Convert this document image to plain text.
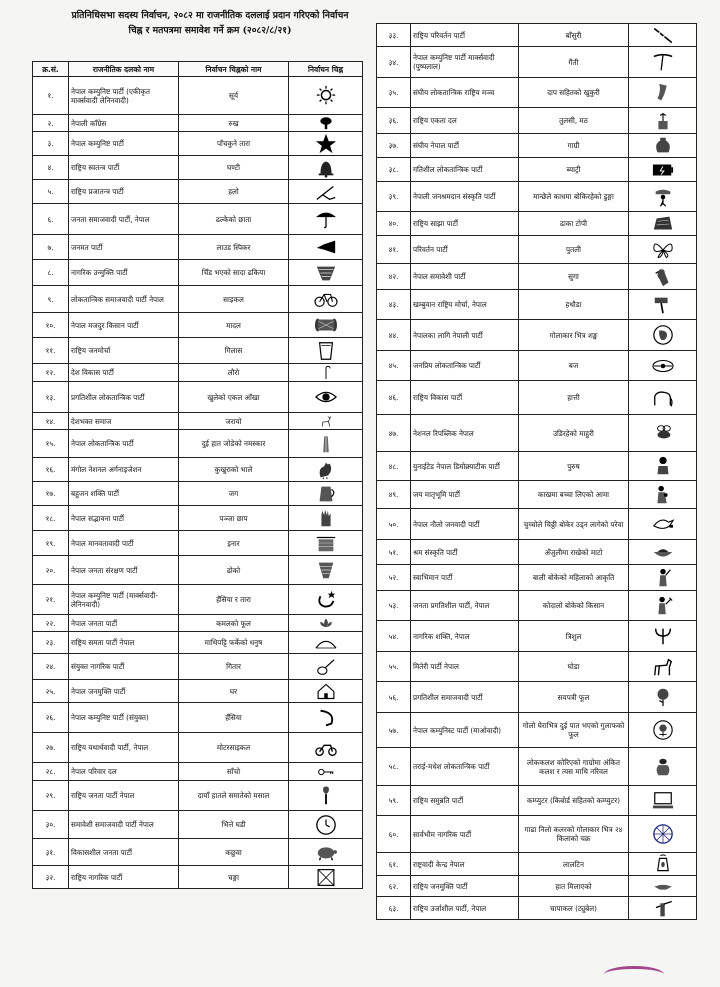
प्रतिनिधिसभा सदस्य निर्वाचन, २०८२ मा राजनीतिक दललाई प्रदान गरिएको निर्वाचन
चिह्न र मतपत्रमा समावेश गर्ने क्रम (२०८२/८/२१)
क्र.सं.	राजनीतिक दलको नाम	निर्वाचन चिह्नको नाम	निर्वाचन चिह्न
१.	नेपाल कम्युनिष्ट पार्टी (एकीकृत मार्क्सवादी लेनिनवादी)	सूर्य	

२.	नेपाली काँग्रेस	रुख	

३.	नेपाल कम्युनिष्ट पार्टी	पाँचकुने तारा	

४.	राष्ट्रिय स्वतन्त्र पार्टी	घण्टी	

५.	राष्ट्रिय प्रजातन्त्र पार्टी	हलो	

६.	जनता समाजवादी पार्टी, नेपाल	ढल्केको छाता	

७.	जनमत पार्टी	लाउड स्पिकर	

८.	नागरिक उन्मुक्ति पार्टी	चिँड भएको सादा ढकिया	

९.	लोकतान्त्रिक समाजवादी पार्टी नेपाल	साइकल	

१०.	नेपाल मजदुर किसान पार्टी	मादल	

११.	राष्ट्रिय जनमोर्चा	गिलास	

१२.	देश विकास पार्टी	लौरो	

१३.	प्रगतिशील लोकतान्त्रिक पार्टी	खुलेको एकल आँखा	

१४.	देशभक्त समाज	जरायो	

१५.	नेपाल लोकतान्त्रिक पार्टी	दुई हात जोडेको नमस्कार	

१६.	मंगोल नेशनल अर्गनाइजेशन	कुखुराको भाले	

१७.	बहुजन शक्ति पार्टी	जग	

१८.	नेपाल सद्भावना पार्टी	पञ्जा छाप	

१९.	नेपाल मानवतावादी पार्टी	इनार	

२०.	नेपाल जनता संरक्षण पार्टी	ढोको	

२१.	नेपाल कम्युनिष्ट पार्टी (मार्क्सवादी-लेनिनवादी)	हँसिया र तारा	

२२.	नेपाल जनता पार्टी	कमलको फूल	

२३.	राष्ट्रिय समता पार्टी नेपाल	माथिपट्टि फर्केको धनुष	

२४.	संयुक्त नागरिक पार्टी	गितार	

२५.	नेपाल जनमुक्ति पार्टी	घर	

२६.	नेपाल कम्युनिष्ट पार्टी (संयुक्त)	हँसिया	

२७.	राष्ट्रिय यथार्थवादी पार्टी, नेपाल	मोटरसाइकल	

२८.	नेपाल परिवार दल	साँचो	

२९.	राष्ट्रिय जनता पार्टी नेपाल	दायाँ हातले समातेको मसाल	

३०.	समावेशी समाजवादी पार्टी नेपाल	भित्ते घडी	

३१.	विकासशील जनता पार्टी	कछुवा	

३२.	राष्ट्रिय नागरिक पार्टी	चङ्गा	
३३.	राष्ट्रिय परिवर्तन पार्टी	बाँसुरी	

३४.	नेपाल कम्युनिष्ट पार्टी मार्क्सवादी (पुष्पलाल)	गैंती	

३५.	संघीय लोकतान्त्रिक राष्ट्रिय मञ्च	दाप सहितको खुकुरी	

३६.	राष्ट्रिय एकता दल	तुलसी, मठ	

३७.	संघीय नेपाल पार्टी	गाग्री	

३८.	गतिशील लोकतान्त्रिक पार्टी	ब्याट्री	

३९.	नेपाली जनश्रमदान संस्कृति पार्टी	मान्छेले काधमा बोकिरहेको डुङ्गा	

४०.	राष्ट्रिय साझा पार्टी	ढाका टोपी	

४१.	परिवर्तन पार्टी	पुतली	

४२.	नेपाल समावेशी पार्टी	सुगा	

४३.	खम्बुवान राष्ट्रिय मोर्चा, नेपाल	हथौडा	

४४.	नेपालका लागि नेपाली पार्टी	गोलाकार भित्र शङ्ख	

४५.	जनप्रिय लोकतान्त्रिक पार्टी	बज	

४६.	राष्ट्रिय विकास पार्टी	हात्ती	

४७.	नेशनल रिपब्लिक नेपाल	उडिरहेको माहुरी	

४८.	युनाईटेड नेपाल डिमोक्र्याटीक पार्टी	पुरुष	

४९.	जय मातृभूमि पार्टी	काखमा बच्चा लिएको आमा	

५०.	नेपाल नौलो जनवादी पार्टी	चुच्चोले चिठ्ठी बोकेर उड्न लागेको परेवा	

५१.	श्रम संस्कृति पार्टी	अँजुलीमा राखेको माटो	

५२.	स्वाभिमान पार्टी	बाली बोकेको महिलाको आकृति	

५३.	जनता प्रगतिशील पार्टी, नेपाल	कोदालो बोकेको किसान	

५४.	नागरिक शक्ति, नेपाल	त्रिशुल	

५५.	मितेरी पार्टी नेपाल	घोडा	

५६.	प्रगतिशील समाजवादी पार्टी	सयपत्री फूल	

५७.	नेपाल कम्युनिस्ट पार्टी (माओवादी)	गोलो घेराभित्र दुई पात भएको गुलाफको फूल	

५८.	तराई-मधेश लोकतान्त्रिक पार्टी	लोककलश कोरिएको गाग्रोमा अंकित कलश र त्यस माथि नरिवल	

५९.	राष्ट्रिय समुन्नति पार्टी	कम्प्युटर (किबोर्ड सहितको कम्प्युटर)	

६०.	सार्वभौम नागरिक पार्टी	गाढा निलो कलरको गोलाकार भित्र २४ किलाको चक्र	

६१.	राष्ट्रवादी केन्द्र नेपाल	लालटिन	

६२.	राष्ट्रिय जनमुक्ति पार्टी	हात मिलाएको	

६३.	राष्ट्रिय उर्जाशील पार्टी, नेपाल	चापाकल (ट्युबेल)	
